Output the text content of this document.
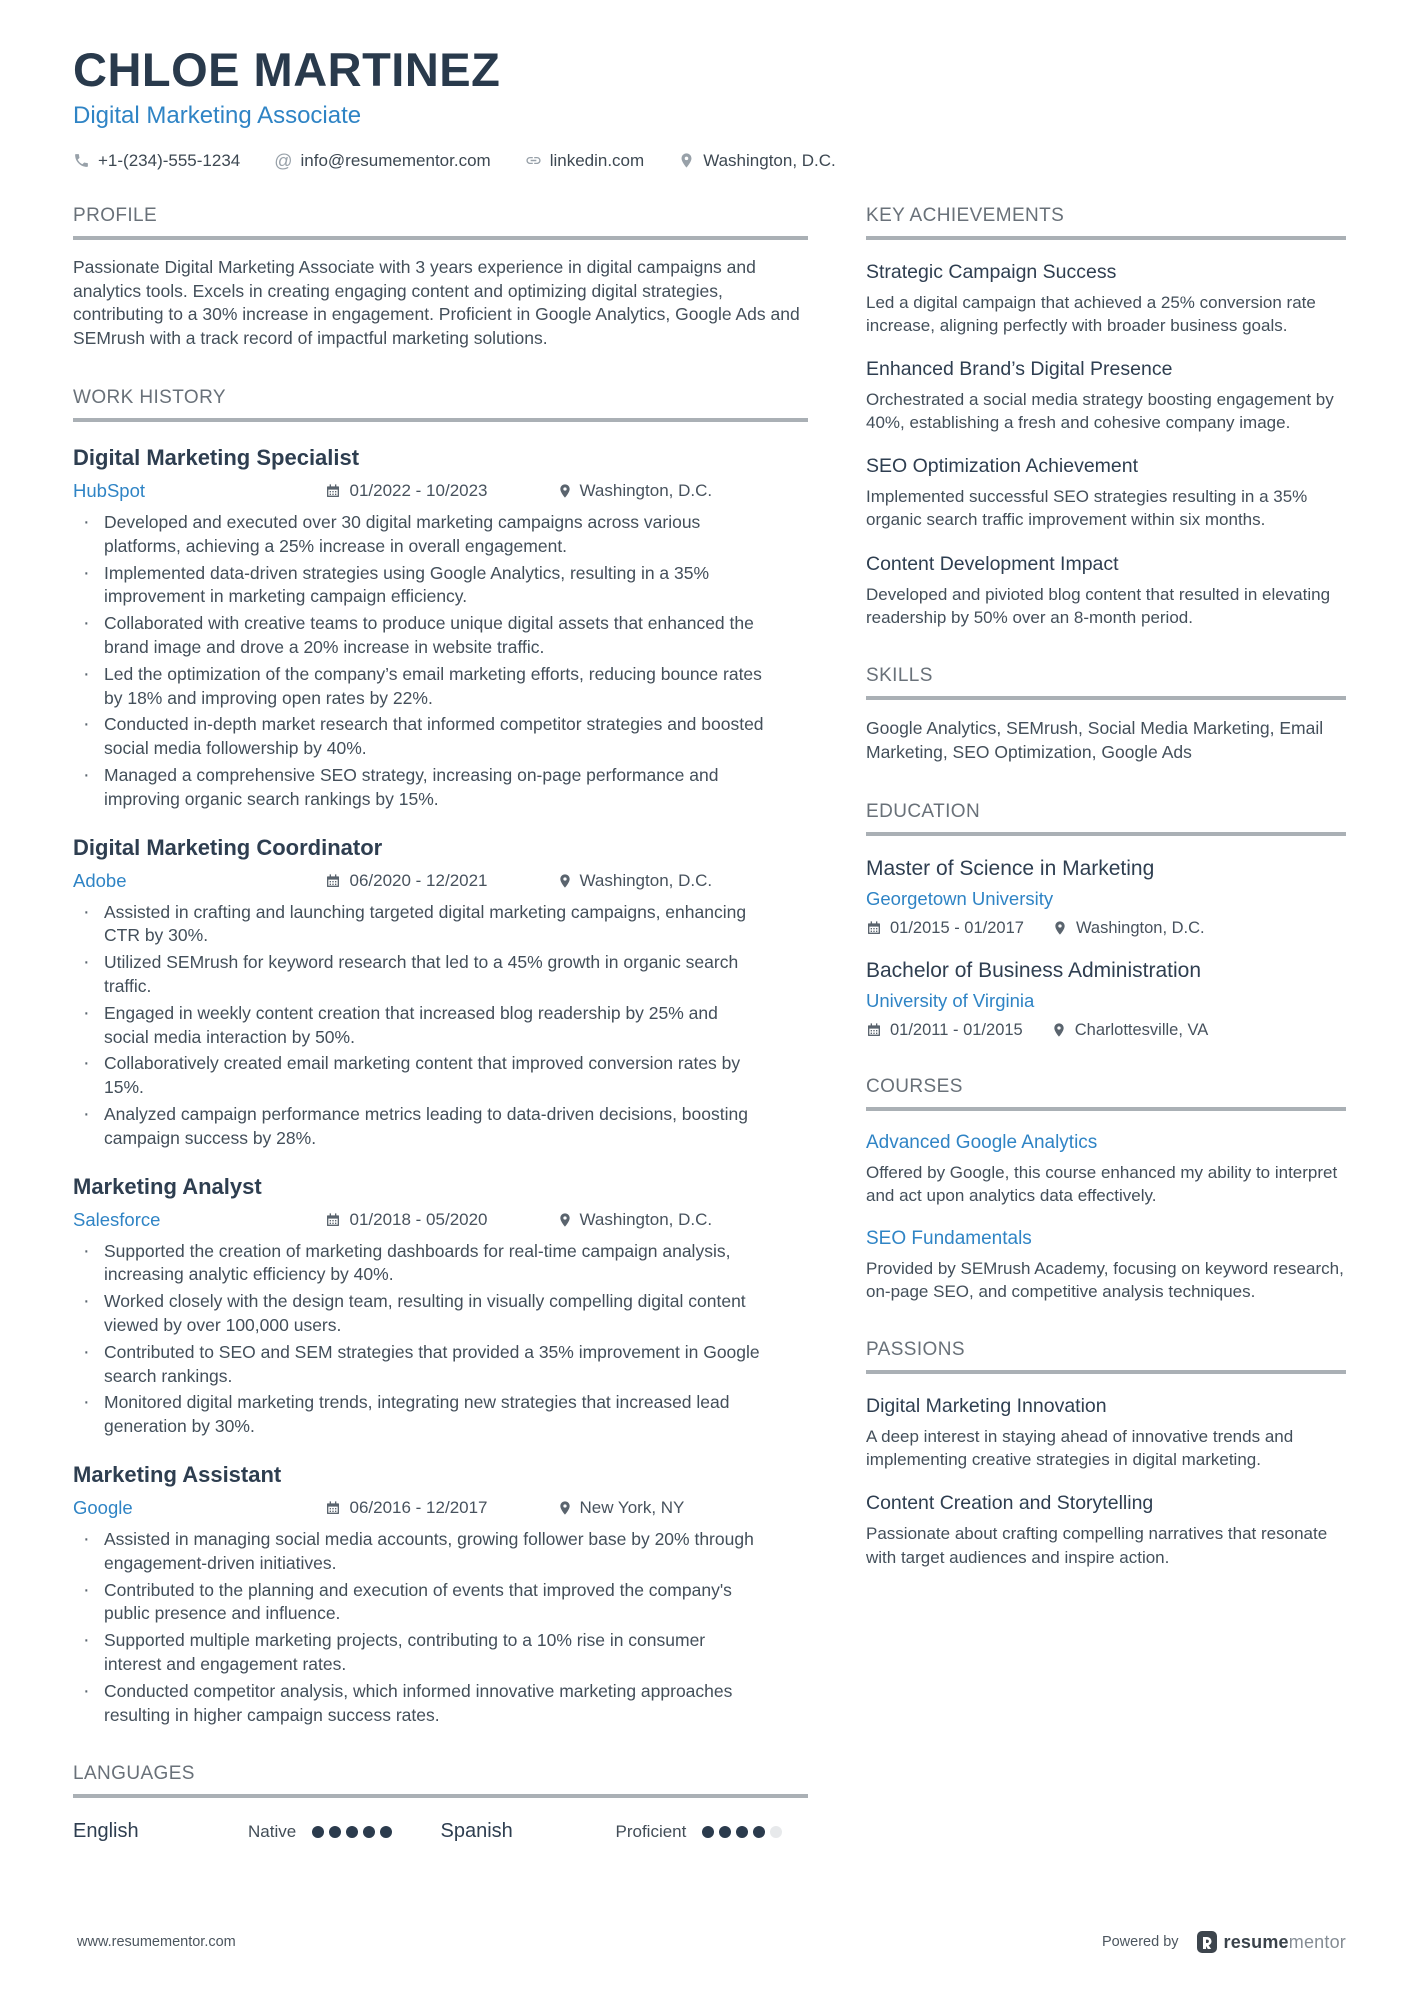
CHLOE MARTINEZ
Digital Marketing Associate
+1-(234)-555-1234 @ info@resumementor.com	linkedin.com	Washington, D.C.
PROFILE
Passionate Digital Marketing Associate with 3 years experience in digital campaigns and analytics tools. Excels in creating engaging content and optimizing digital strategies, contributing to a 30% increase in engagement. Proficient in Google Analytics, Google Ads and SEMrush with a track record of impactful marketing solutions.
WORK HISTORY
Digital Marketing Specialist
HubSpot	01/2022 - 10/2023	Washington, D.C.
· Developed and executed over 30 digital marketing campaigns across various platforms, achieving a 25% increase in overall engagement.
· Implemented data-driven strategies using Google Analytics, resulting in a 35% improvement in marketing campaign efficiency.
· Collaborated with creative teams to produce unique digital assets that enhanced the brand image and drove a 20% increase in website traffic.
· Led the optimization of the company’s email marketing efforts, reducing bounce rates by 18% and improving open rates by 22%.
· Conducted in-depth market research that informed competitor strategies and boosted social media followership by 40%.
· Managed a comprehensive SEO strategy, increasing on-page performance and improving organic search rankings by 15%.
Digital Marketing Coordinator
Adobe	06/2020 - 12/2021	Washington, D.C.
· Assisted in crafting and launching targeted digital marketing campaigns, enhancing CTR by 30%.
· Utilized SEMrush for keyword research that led to a 45% growth in organic search traffic.
· Engaged in weekly content creation that increased blog readership by 25% and social media interaction by 50%.
· Collaboratively created email marketing content that improved conversion rates by 15%.
· Analyzed campaign performance metrics leading to data-driven decisions, boosting campaign success by 28%.
Marketing Analyst
Salesforce	01/2018 - 05/2020	Washington, D.C.
· Supported the creation of marketing dashboards for real-time campaign analysis, increasing analytic efficiency by 40%.
· Worked closely with the design team, resulting in visually compelling digital content viewed by over 100,000 users.
· Contributed to SEO and SEM strategies that provided a 35% improvement in Google search rankings.
· Monitored digital marketing trends, integrating new strategies that increased lead generation by 30%.
Marketing Assistant
Google	06/2016 - 12/2017	New York, NY
· Assisted in managing social media accounts, growing follower base by 20% through engagement-driven initiatives.
· Contributed to the planning and execution of events that improved the company's public presence and influence.
· Supported multiple marketing projects, contributing to a 10% rise in consumer interest and engagement rates.
· Conducted competitor analysis, which informed innovative marketing approaches resulting in higher campaign success rates.
LANGUAGES
English	Native	Spanish	Proficient
KEY ACHIEVEMENTS
Strategic Campaign Success
Led a digital campaign that achieved a 25% conversion rate increase, aligning perfectly with broader business goals.
Enhanced Brand’s Digital Presence
Orchestrated a social media strategy boosting engagement by 40%, establishing a fresh and cohesive company image.
SEO Optimization Achievement
Implemented successful SEO strategies resulting in a 35% organic search traffic improvement within six months.
Content Development Impact
Developed and pivioted blog content that resulted in elevating readership by 50% over an 8-month period.
SKILLS
Google Analytics, SEMrush, Social Media Marketing, Email Marketing, SEO Optimization, Google Ads
EDUCATION
Master of Science in Marketing
Georgetown University
01/2015 - 01/2017	Washington, D.C.
Bachelor of Business Administration
University of Virginia
01/2011 - 01/2015	Charlottesville, VA
COURSES
Advanced Google Analytics
Offered by Google, this course enhanced my ability to interpret and act upon analytics data effectively.
SEO Fundamentals
Provided by SEMrush Academy, focusing on keyword research, on-page SEO, and competitive analysis techniques.
PASSIONS
Digital Marketing Innovation
A deep interest in staying ahead of innovative trends and implementing creative strategies in digital marketing.
Content Creation and Storytelling
Passionate about crafting compelling narratives that resonate with target audiences and inspire action.
www.resumementor.com	Powered by	resumementor
